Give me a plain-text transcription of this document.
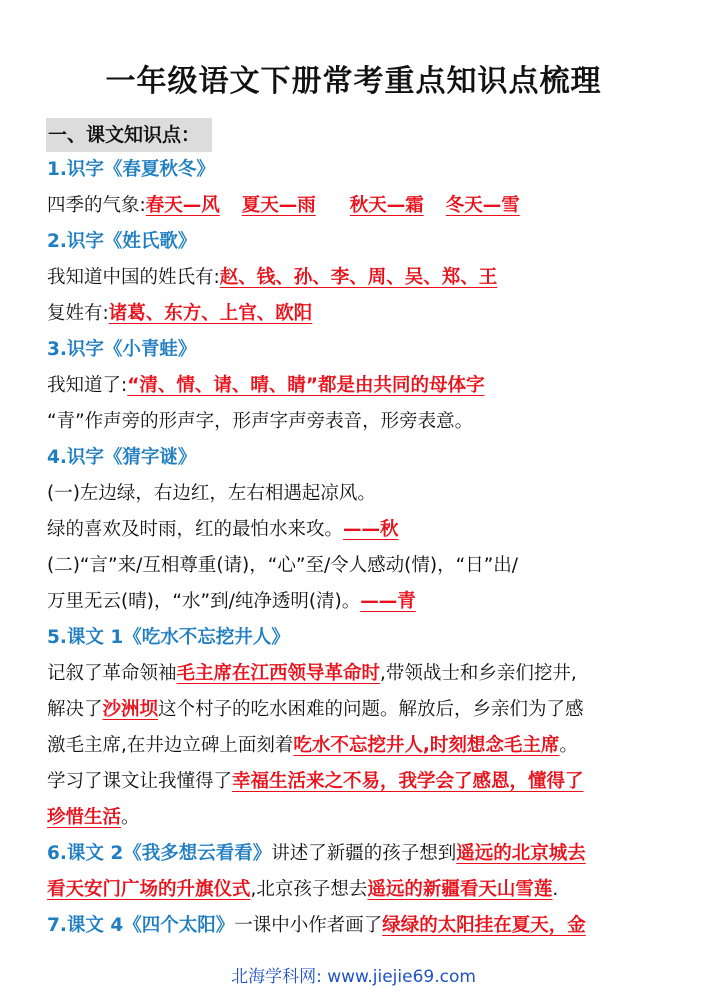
一年级语文下册常考重点知识点梳理
一、课文知识点：
1.识字《春夏秋冬》
四季的气象:春天—风 夏天—雨 秋天—霜 冬天—雪
2.识字《姓氏歌》
我知道中国的姓氏有:赵、钱、孙、李、周、吴、郑、王
复姓有:诸葛、东方、上官、欧阳
3.识字《小青蛙》
我知道了:“清、情、请、晴、睛”都是由共同的母体字
“青”作声旁的形声字，形声字声旁表音，形旁表意。
4.识字《猜字谜》
(一)左边绿，右边红，左右相遇起凉风。
绿的喜欢及时雨，红的最怕水来攻。——秋
(二)“言”来/互相尊重(请)，“心”至/令人感动(情)，“日”出/
万里无云(晴)，“水”到/纯净透明(清)。——青
5.课文 1《吃水不忘挖井人》
记叙了革命领袖毛主席在江西领导革命时,带领战士和乡亲们挖井,
解决了沙洲坝这个村子的吃水困难的问题。解放后，乡亲们为了感
激毛主席,在井边立碑上面刻着吃水不忘挖井人,时刻想念毛主席。
学习了课文让我懂得了幸福生活来之不易，我学会了感恩，懂得了
珍惜生活。
6.课文 2《我多想云看看》讲述了新疆的孩子想到遥远的北京城去
看天安门广场的升旗仪式,北京孩子想去遥远的新疆看天山雪莲.
7.课文 4《四个太阳》一课中小作者画了绿绿的太阳挂在夏天，金
北海学科网: www.jiejie69.com
